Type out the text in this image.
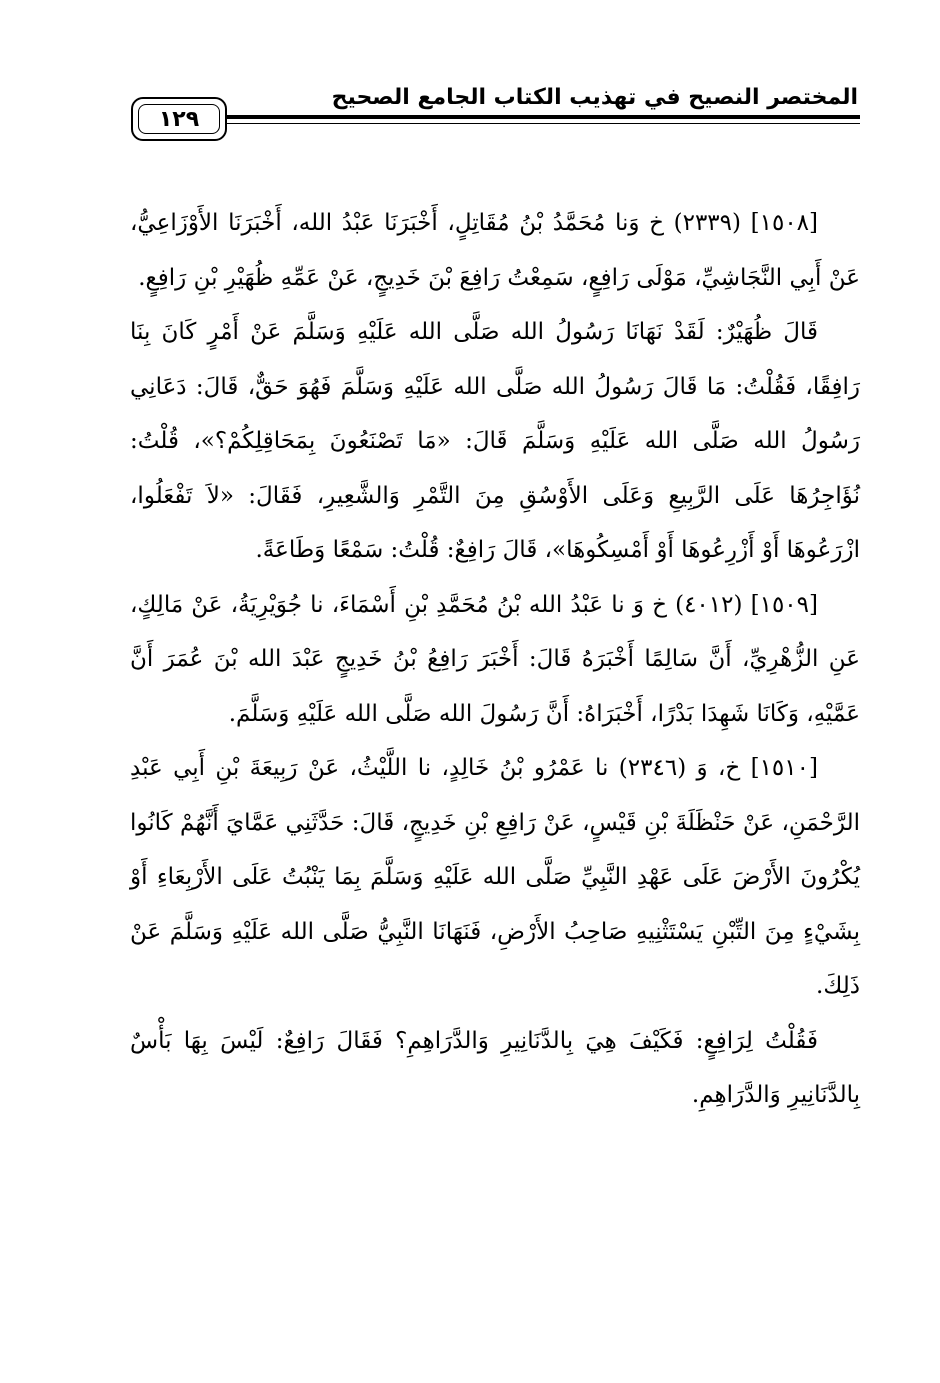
المختصر النصيح في تهذيب الكتاب الجامع الصحيح
١٢٩

[١٥٠٨] (٢٣٣٩) خ وَنا مُحَمَّدُ بْنُ مُقَاتِلٍ، أَخْبَرَنَا عَبْدُ الله، أَخْبَرَنَا الأَوْزَاعِيُّ، عَنْ أَبِي النَّجَاشِيِّ، مَوْلَى رَافِعٍ، سَمِعْتُ رَافِعَ بْنَ خَدِيجٍ، عَنْ عَمِّهِ ظُهَيْرِ بْنِ رَافِعٍ.

قَالَ ظُهَيْرٌ: لَقَدْ نَهَانَا رَسُولُ الله صَلَّى الله عَلَيْهِ وَسَلَّمَ عَنْ أَمْرٍ كَانَ بِنَا رَافِقًا، فَقُلْتُ: مَا قَالَ رَسُولُ الله صَلَّى الله عَلَيْهِ وَسَلَّمَ فَهُوَ حَقٌّ، قَالَ: دَعَانِي رَسُولُ الله صَلَّى الله عَلَيْهِ وَسَلَّمَ قَالَ: «مَا تَصْنَعُونَ بِمَحَاقِلِكُمْ؟»، قُلْتُ: نُؤَاجِرُهَا عَلَى الرَّبِيعِ وَعَلَى الأَوْسُقِ مِنَ التَّمْرِ وَالشَّعِيرِ، فَقَالَ: «لاَ تَفْعَلُوا، ازْرَعُوهَا أَوْ أَزْرِعُوهَا أَوْ أَمْسِكُوهَا»، قَالَ رَافِعٌ: قُلْتُ: سَمْعًا وَطَاعَةً.

[١٥٠٩] (٤٠١٢) خ وَ نا عَبْدُ الله بْنُ مُحَمَّدِ بْنِ أَسْمَاءَ، نا جُوَيْرِيَةُ، عَنْ مَالِكٍ، عَنِ الزُّهْرِيِّ، أَنَّ سَالِمًا أَخْبَرَهُ قَالَ: أَخْبَرَ رَافِعُ بْنُ خَدِيجٍ عَبْدَ الله بْنَ عُمَرَ أَنَّ عَمَّيْهِ، وَكَانَا شَهِدَا بَدْرًا، أَخْبَرَاهُ: أَنَّ رَسُولَ الله صَلَّى الله عَلَيْهِ وَسَلَّمَ.

[١٥١٠] خ، وَ (٢٣٤٦) نا عَمْرُو بْنُ خَالِدٍ، نا اللَّيْثُ، عَنْ رَبِيعَةَ بْنِ أَبِي عَبْدِ الرَّحْمَنِ، عَنْ حَنْظَلَةَ بْنِ قَيْسٍ، عَنْ رَافِعِ بْنِ خَدِيجٍ، قَالَ: حَدَّثَنِي عَمَّايَ أَنَّهُمْ كَانُوا يُكْرُونَ الأَرْضَ عَلَى عَهْدِ النَّبِيِّ صَلَّى الله عَلَيْهِ وَسَلَّمَ بِمَا يَنْبُتُ عَلَى الأَرْبِعَاءِ أَوْ بِشَيْءٍ مِنَ التِّبْنِ يَسْتَثْنِيهِ صَاحِبُ الأَرْضِ، فَنَهَانَا النَّبِيُّ صَلَّى الله عَلَيْهِ وَسَلَّمَ عَنْ ذَلِكَ.

فَقُلْتُ لِرَافِعٍ: فَكَيْفَ هِيَ بِالدَّنَانِيرِ وَالدَّرَاهِمِ؟ فَقَالَ رَافِعٌ: لَيْسَ بِهَا بَأْسٌ بِالدَّنَانِيرِ وَالدَّرَاهِمِ.
